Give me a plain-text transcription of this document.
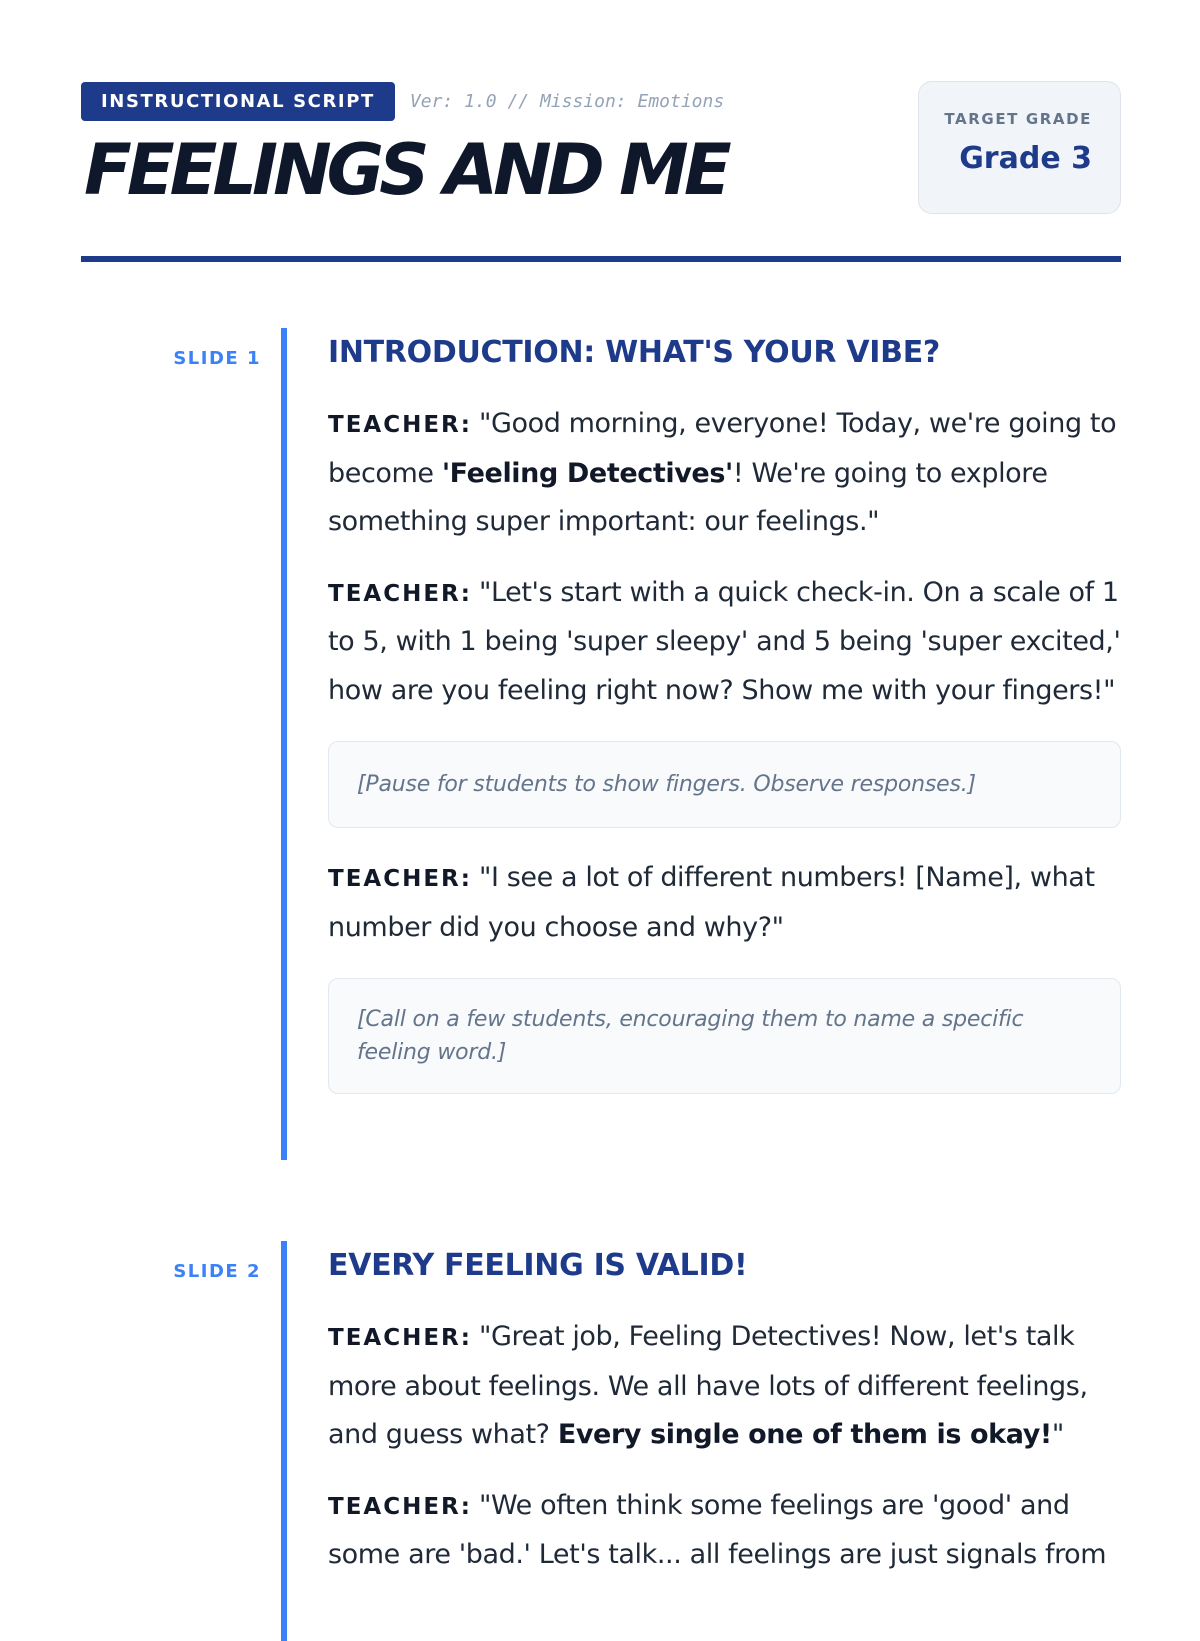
INSTRUCTIONAL SCRIPT	Ver: 1.0 // Mission: Emotions
FEELINGS AND ME
TARGET GRADE
Grade 3
SLIDE 1 INTRODUCTION: WHAT'S YOUR VIBE?

TEACHER: "Good morning, everyone! Today, we're going to become 'Feeling Detectives'! We're going to explore something super important: our feelings."

TEACHER: "Let's start with a quick check-in. On a scale of 1 to 5, with 1 being 'super sleepy' and 5 being 'super excited,' how are you feeling right now? Show me with your fingers!"

[Pause for students to show fingers. Observe responses.]

TEACHER: "I see a lot of different numbers! [Name], what number did you choose and why?"

[Call on a few students, encouraging them to name a specific feeling word.]
SLIDE 2 EVERY FEELING IS VALID!

TEACHER: "Great job, Feeling Detectives! Now, let's talk more about feelings. We all have lots of different feelings, and guess what? Every single one of them is okay!"

TEACHER: "We often think some feelings are 'good' and some are 'bad.' Let's talk... all feelings are just signals from
